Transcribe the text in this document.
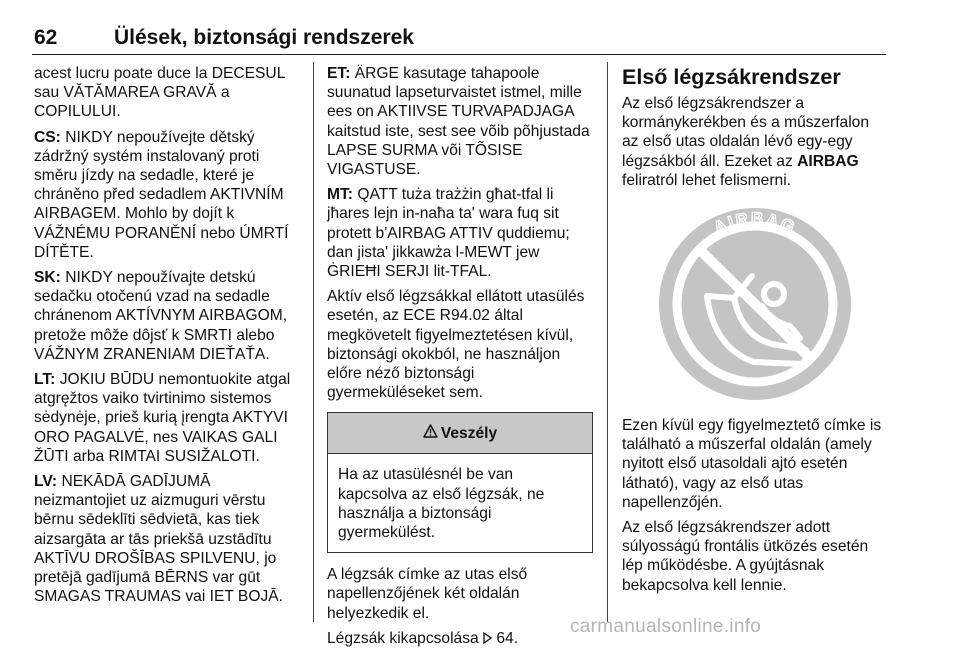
62	Ülések, biztonsági rendszerek

acest lucru poate duce la DECESUL sau VĂTĂMAREA GRAVĂ a COPILULUI.

CS: NIKDY nepoužívejte dětský zádržný systém instalovaný proti směru jízdy na sedadle, které je chráněno před sedadlem AKTIVNÍM AIRBAGEM. Mohlo by dojít k VÁŽNÉMU PORANĚNÍ nebo ÚMRTÍ DÍTĚTE.

SK: NIKDY nepoužívajte detskú sedačku otočenú vzad na sedadle chránenom AKTÍVNYM AIRBAGOM, pretože môže dôjsť k SMRTI alebo VÁŽNYM ZRANENIAM DIEŤAŤA.

LT: JOKIU BŪDU nemontuokite atgal atgręžtos vaiko tvirtinimo sistemos sėdynėje, prieš kurią įrengta AKTYVI ORO PAGALVĖ, nes VAIKAS GALI ŽŪTI arba RIMTAI SUSIŽALOTI.

LV: NEKĀDĀ GADĪJUMĀ neizmantojiet uz aizmuguri vērstu bērnu sēdeklīti sēdvietā, kas tiek aizsargāta ar tās priekšā uzstādītu AKTĪVU DROŠĪBAS SPILVENU, jo pretējā gadījumā BĒRNS var gūt SMAGAS TRAUMAS vai IET BOJĀ.

ET: ÄRGE kasutage tahapoole suunatud lapseturvaistet istmel, mille ees on AKTIIVSE TURVAPADJAGA kaitstud iste, sest see võib põhjustada LAPSE SURMA või TÕSISE VIGASTUSE.

MT: QATT tuża trażżin għat-tfal li jħares lejn in-naħa ta' wara fuq sit protett b'AIRBAG ATTIV quddiemu; dan jista' jikkawża l-MEWT jew ĠRIEĦI SERJI lit-TFAL.

Aktív első légzsákkal ellátott utasülés esetén, az ECE R94.02 által megkövetelt figyelmeztetésen kívül, biztonsági okokból, ne használjon előre néző biztonsági gyermeküléseket sem.

Veszély
Ha az utasülésnél be van kapcsolva az első légzsák, ne használja a biztonsági gyermekülést.

A légzsák címke az utas első napellenzőjének két oldalán helyezkedik el.

Légzsák kikapcsolása  64.

Első légzsákrendszer

Az első légzsákrendszer a kormánykerékben és a műszerfalon az első utas oldalán lévő egy-egy légzsákból áll. Ezeket az AIRBAG feliratról lehet felismerni.

AIRBAG

Ezen kívül egy figyelmeztető címke is található a műszerfal oldalán (amely nyitott első utasoldali ajtó esetén látható), vagy az első utas napellenzőjén.

Az első légzsákrendszer adott súlyosságú frontális ütközés esetén lép működésbe. A gyújtásnak bekapcsolva kell lennie.

carmanualsonline.info
